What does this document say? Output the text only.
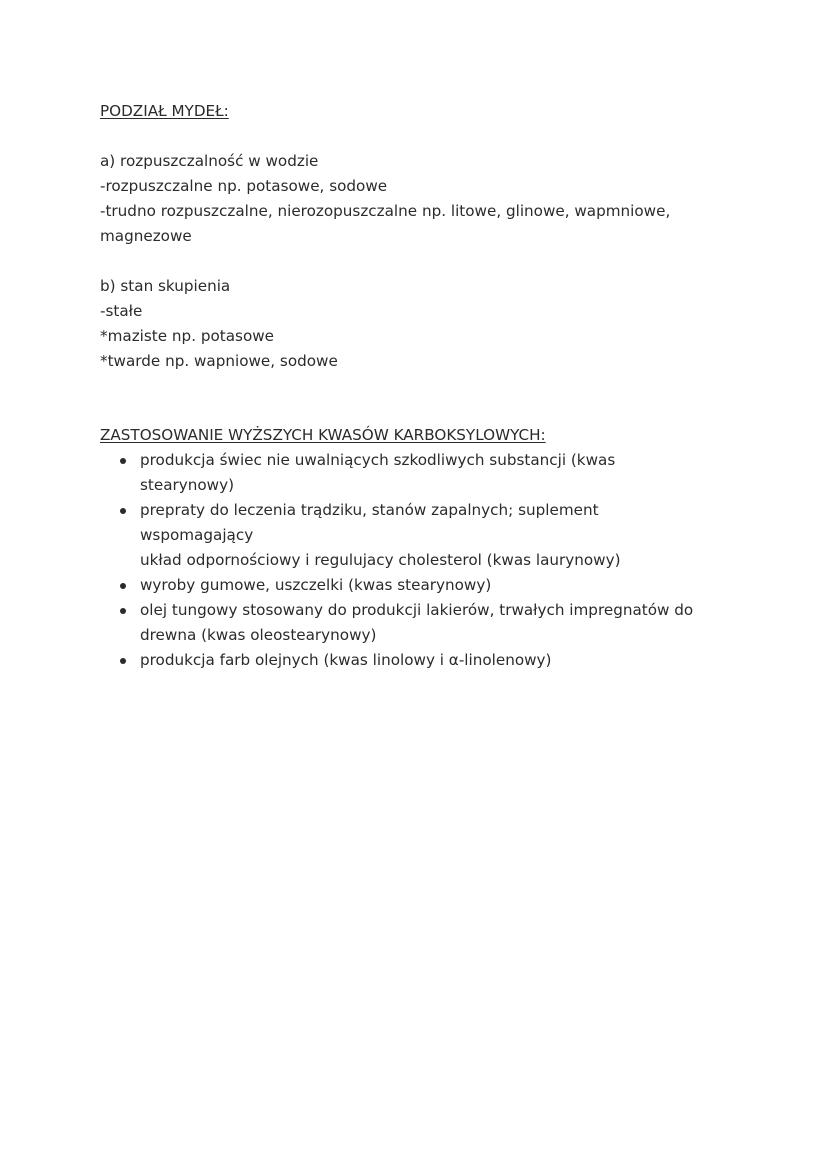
PODZIAŁ MYDEŁ:
a) rozpuszczalność w wodzie
-rozpuszczalne np. potasowe, sodowe
-trudno rozpuszczalne, nierozopuszczalne np. litowe, glinowe, wapmniowe,
magnezowe
b) stan skupienia
-stałe
*maziste np. potasowe
*twarde np. wapniowe, sodowe
ZASTOSOWANIE WYŻSZYCH KWASÓW KARBOKSYLOWYCH:
produkcja świec nie uwalniących szkodliwych substancji (kwas stearynowy)
prepraty do leczenia trądziku, stanów zapalnych; suplement wspomagający
układ odpornościowy i regulujacy cholesterol (kwas laurynowy)
wyroby gumowe, uszczelki (kwas stearynowy)
olej tungowy stosowany do produkcji lakierów, trwałych impregnatów do
drewna (kwas oleostearynowy)
produkcja farb olejnych (kwas linolowy i α-linolenowy)
